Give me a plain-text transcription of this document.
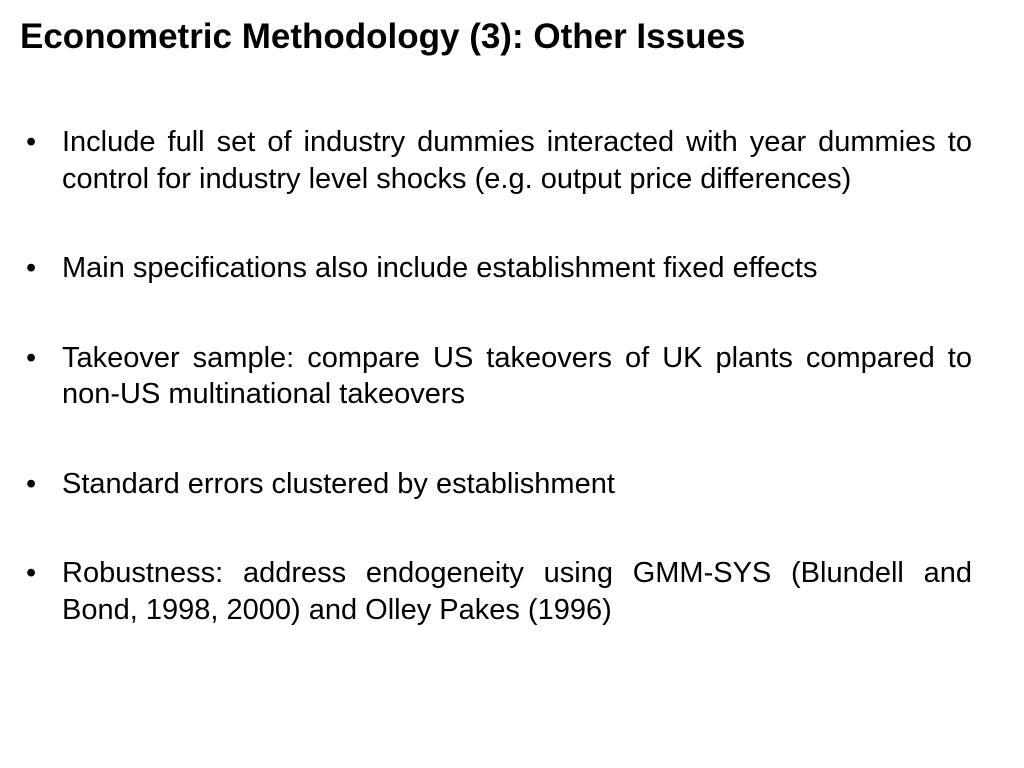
Econometric Methodology (3): Other Issues
• Include full set of industry dummies interacted with year dummies to control for industry level shocks (e.g. output price differences)
• Main specifications also include establishment fixed effects
• Takeover sample: compare US takeovers of UK plants compared to non-US multinational takeovers
• Standard errors clustered by establishment
• Robustness: address endogeneity using GMM-SYS (Blundell and Bond, 1998, 2000) and Olley Pakes (1996)
